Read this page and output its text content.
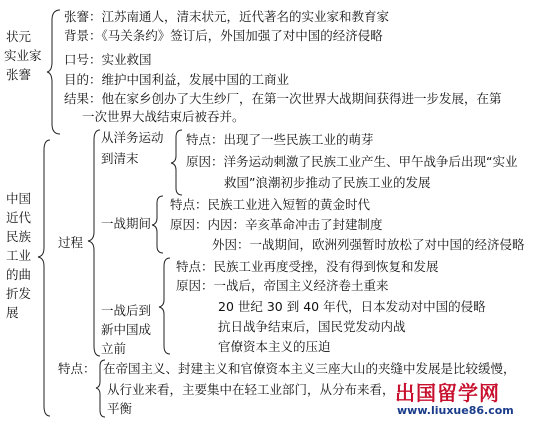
状元
实业家
张謇
张謇：江苏南通人，清末状元，近代著名的实业家和教育家
背景：《马关条约》签订后，外国加强了对中国的经济侵略
口号：实业救国
目的：维护中国利益，发展中国的工商业
结果：他在家乡创办了大生纱厂，在第一次世界大战期间获得进一步发展，在第
一次世界大战结束后被吞并。
中国
近代
民族
工业
的曲
折发
展
过程
从洋务运动
到清末
特点：出现了一些民族工业的萌芽
原因：洋务运动刺激了民族工业产生、甲午战争后出现“实业
救国”浪潮初步推动了民族工业的发展
一战期间
特点：民族工业进入短暂的黄金时代
原因：内因：辛亥革命冲击了封建制度
外因：一战期间，欧洲列强暂时放松了对中国的经济侵略
一战后到
新中国成
立前
特点：民族工业再度受挫，没有得到恢复和发展
原因：一战后，帝国主义经济卷土重来
20 世纪 30 到 40 年代，日本发动对中国的侵略
抗日战争结束后，国民党发动内战
官僚资本主义的压迫
特点： 在帝国主义、封建主义和官僚资本主义三座大山的夹缝中发展是比较缓慢，
从行业来看，主要集中在轻工业部门，从分布来看，
平衡
出国留学网
www.liuxue86.com
